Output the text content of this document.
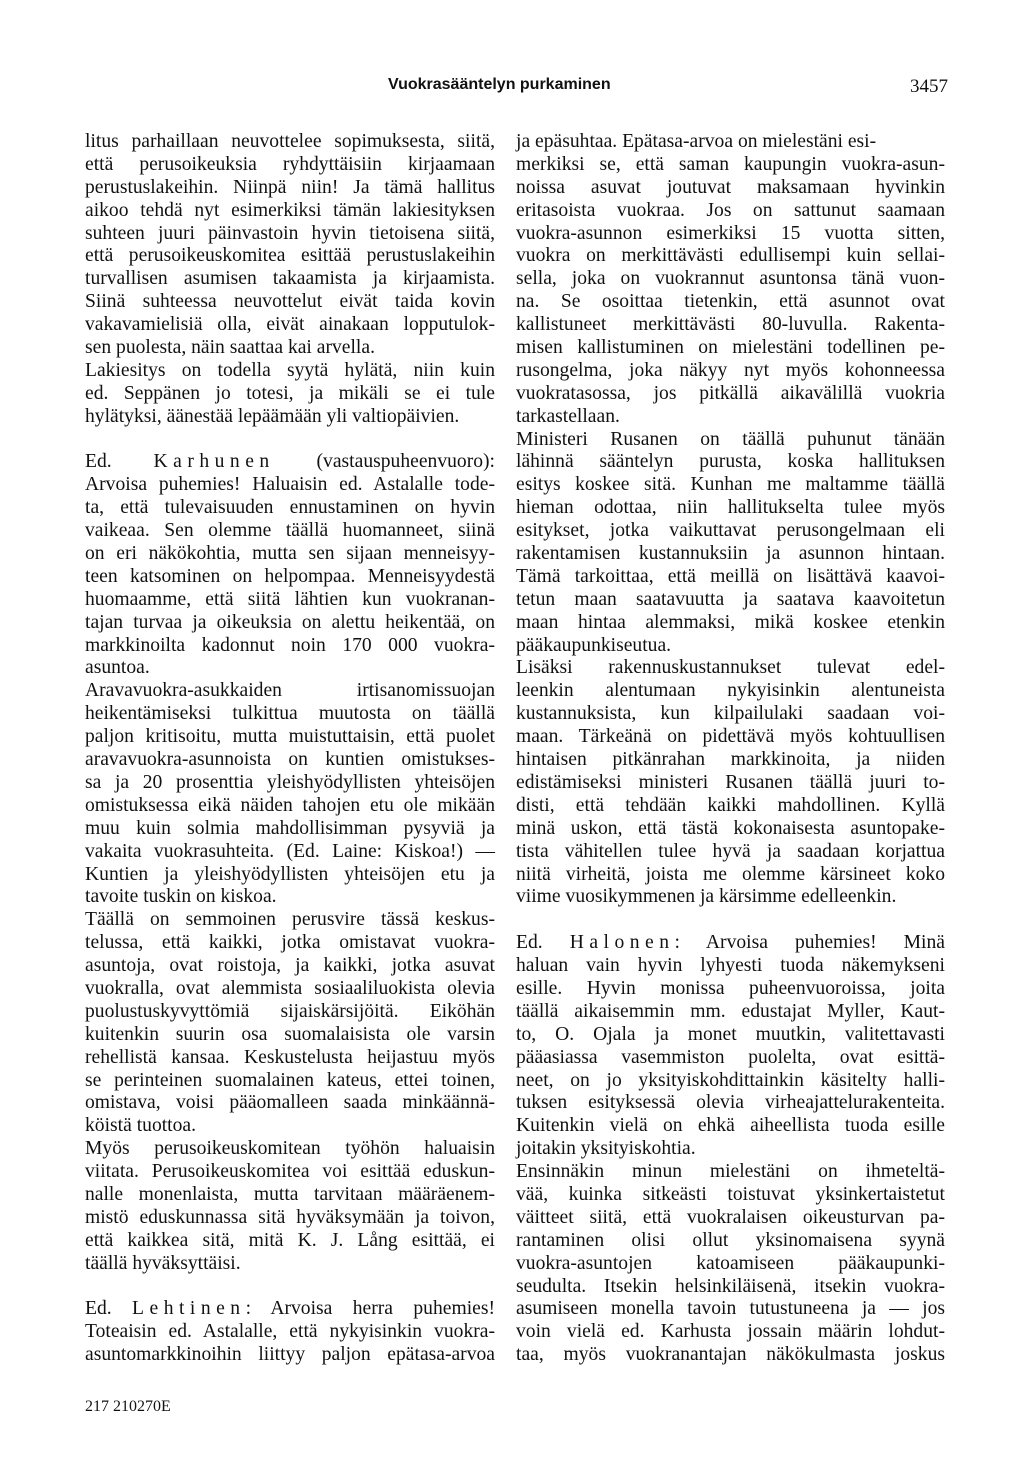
Vuokrasääntelyn purkaminen	3457
litus parhaillaan neuvottelee sopimuksesta, siitä,
että perusoikeuksia ryhdyttäisiin kirjaamaan
perustuslakeihin. Niinpä niin! Ja tämä hallitus
aikoo tehdä nyt esimerkiksi tämän lakiesityksen
suhteen juuri päinvastoin hyvin tietoisena siitä,
että perusoikeuskomitea esittää perustuslakeihin
turvallisen asumisen takaamista ja kirjaamista.
Siinä suhteessa neuvottelut eivät taida kovin
vakavamielisiä olla, eivät ainakaan lopputulok-
sen puolesta, näin saattaa kai arvella.
Lakiesitys on todella syytä hylätä, niin kuin
ed. Seppänen jo totesi, ja mikäli se ei tule
hylätyksi, äänestää lepäämään yli valtiopäivien.
Ed. Karhunen (vastauspuheenvuoro):
Arvoisa puhemies! Haluaisin ed. Astalalle tode-
ta, että tulevaisuuden ennustaminen on hyvin
vaikeaa. Sen olemme täällä huomanneet, siinä
on eri näkökohtia, mutta sen sijaan menneisyy-
teen katsominen on helpompaa. Menneisyydestä
huomaamme, että siitä lähtien kun vuokranan-
tajan turvaa ja oikeuksia on alettu heikentää, on
markkinoilta kadonnut noin 170 000 vuokra-
asuntoa.
Aravavuokra-asukkaiden irtisanomissuojan
heikentämiseksi tulkittua muutosta on täällä
paljon kritisoitu, mutta muistuttaisin, että puolet
aravavuokra-asunnoista on kuntien omistukses-
sa ja 20 prosenttia yleishyödyllisten yhteisöjen
omistuksessa eikä näiden tahojen etu ole mikään
muu kuin solmia mahdollisimman pysyviä ja
vakaita vuokrasuhteita. (Ed. Laine: Kiskoa!) —
Kuntien ja yleishyödyllisten yhteisöjen etu ja
tavoite tuskin on kiskoa.
Täällä on semmoinen perusvire tässä keskus-
telussa, että kaikki, jotka omistavat vuokra-
asuntoja, ovat roistoja, ja kaikki, jotka asuvat
vuokralla, ovat alemmista sosiaaliluokista olevia
puolustuskyvyttömiä sijaiskärsijöitä. Eiköhän
kuitenkin suurin osa suomalaisista ole varsin
rehellistä kansaa. Keskustelusta heijastuu myös
se perinteinen suomalainen kateus, ettei toinen,
omistava, voisi pääomalleen saada minkäännä-
köistä tuottoa.
Myös perusoikeuskomitean työhön haluaisin
viitata. Perusoikeuskomitea voi esittää eduskun-
nalle monenlaista, mutta tarvitaan määräenem-
mistö eduskunnassa sitä hyväksymään ja toivon,
että kaikkea sitä, mitä K. J. Lång esittää, ei
täällä hyväksyttäisi.
Ed. Lehtinen: Arvoisa herra puhemies!
Toteaisin ed. Astalalle, että nykyisinkin vuokra-
asuntomarkkinoihin liittyy paljon epätasa-arvoa
ja epäsuhtaa. Epätasa-arvoa on mielestäni esi-
merkiksi se, että saman kaupungin vuokra-asun-
noissa asuvat joutuvat maksamaan hyvinkin
eritasoista vuokraa. Jos on sattunut saamaan
vuokra-asunnon esimerkiksi 15 vuotta sitten,
vuokra on merkittävästi edullisempi kuin sellai-
sella, joka on vuokrannut asuntonsa tänä vuon-
na. Se osoittaa tietenkin, että asunnot ovat
kallistuneet merkittävästi 80-luvulla. Rakenta-
misen kallistuminen on mielestäni todellinen pe-
rusongelma, joka näkyy nyt myös kohonneessa
vuokratasossa, jos pitkällä aikavälillä vuokria
tarkastellaan.
Ministeri Rusanen on täällä puhunut tänään
lähinnä sääntelyn purusta, koska hallituksen
esitys koskee sitä. Kunhan me maltamme täällä
hieman odottaa, niin hallitukselta tulee myös
esitykset, jotka vaikuttavat perusongelmaan eli
rakentamisen kustannuksiin ja asunnon hintaan.
Tämä tarkoittaa, että meillä on lisättävä kaavoi-
tetun maan saatavuutta ja saatava kaavoitetun
maan hintaa alemmaksi, mikä koskee etenkin
pääkaupunkiseutua.
Lisäksi rakennuskustannukset tulevat edel-
leenkin alentumaan nykyisinkin alentuneista
kustannuksista, kun kilpailulaki saadaan voi-
maan. Tärkeänä on pidettävä myös kohtuullisen
hintaisen pitkänrahan markkinoita, ja niiden
edistämiseksi ministeri Rusanen täällä juuri to-
disti, että tehdään kaikki mahdollinen. Kyllä
minä uskon, että tästä kokonaisesta asuntopake-
tista vähitellen tulee hyvä ja saadaan korjattua
niitä virheitä, joista me olemme kärsineet koko
viime vuosikymmenen ja kärsimme edelleenkin.
Ed. Halonen: Arvoisa puhemies! Minä
haluan vain hyvin lyhyesti tuoda näkemykseni
esille. Hyvin monissa puheenvuoroissa, joita
täällä aikaisemmin mm. edustajat Myller, Kaut-
to, O. Ojala ja monet muutkin, valitettavasti
pääasiassa vasemmiston puolelta, ovat esittä-
neet, on jo yksityiskohdittainkin käsitelty halli-
tuksen esityksessä olevia virheajattelurakenteita.
Kuitenkin vielä on ehkä aiheellista tuoda esille
joitakin yksityiskohtia.
Ensinnäkin minun mielestäni on ihmeteltä-
vää, kuinka sitkeästi toistuvat yksinkertaistetut
väitteet siitä, että vuokralaisen oikeusturvan pa-
rantaminen olisi ollut yksinomaisena syynä
vuokra-asuntojen katoamiseen pääkaupunki-
seudulta. Itsekin helsinkiläisenä, itsekin vuokra-
asumiseen monella tavoin tutustuneena ja — jos
voin vielä ed. Karhusta jossain määrin lohdut-
taa, myös vuokranantajan näkökulmasta joskus
217 210270E
